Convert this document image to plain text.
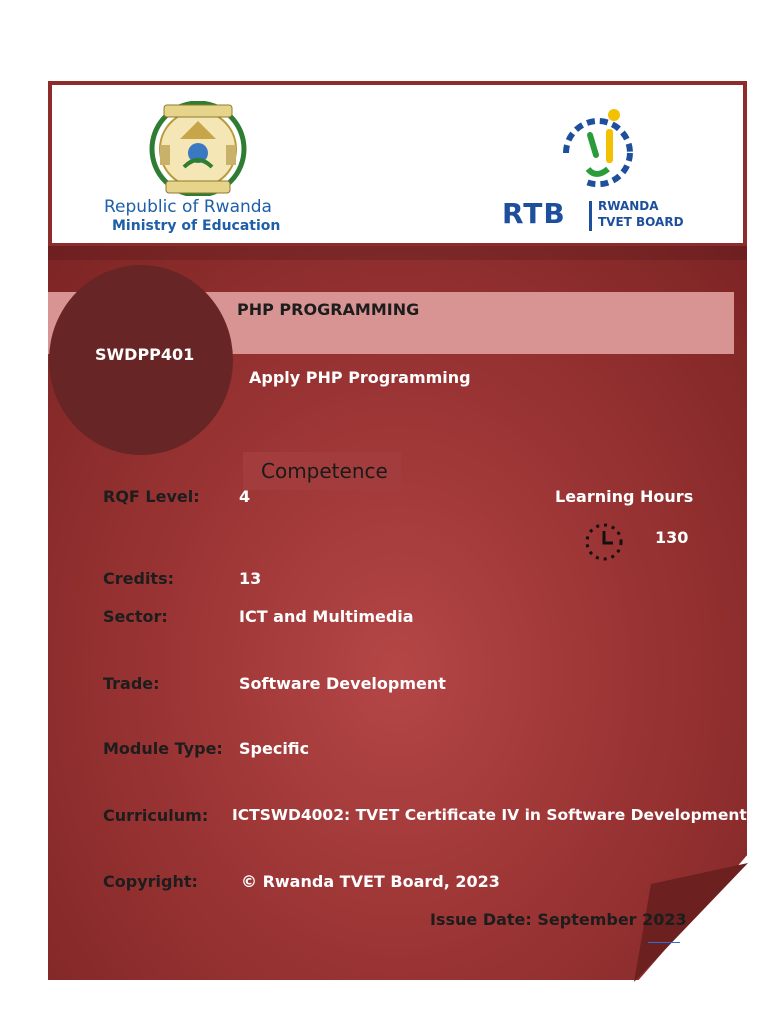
Republic of Rwanda
Ministry of Education	RTB	RWANDA
TVET BOARD
PHP PROGRAMMING
SWDPP401
Apply PHP Programming
Competence
RQF Level: 4	Learning Hours
130
Credits:	13
Sector:	ICT and Multimedia
Trade:	Software Development
Module Type: Specific
Curriculum: ICTSWD4002: TVET Certificate IV in Software Development
Copyright:	© Rwanda TVET Board, 2023
Issue Date: September 2023
